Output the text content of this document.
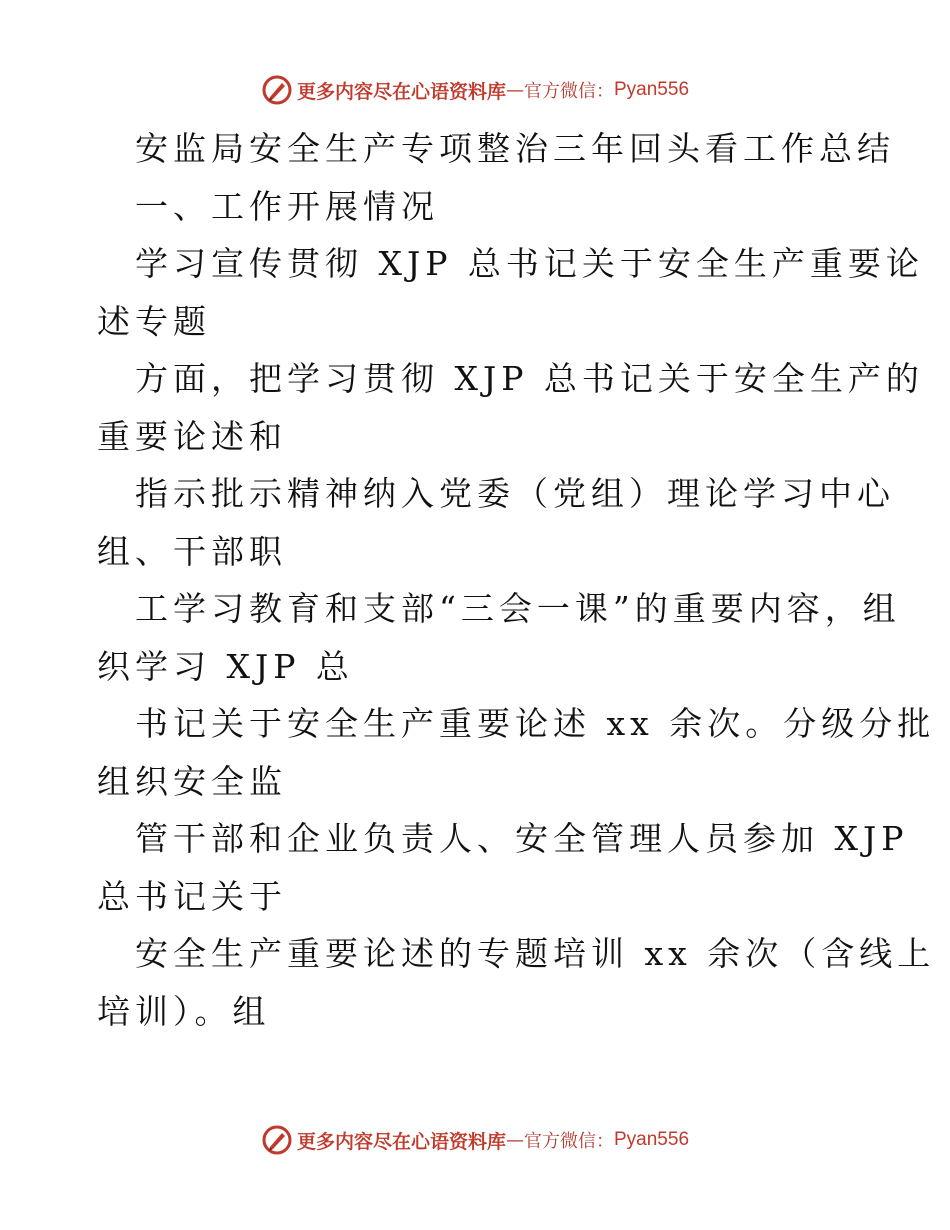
更多内容尽在心语资料库 — 官方微信： Pyan556
安监局安全生产专项整治三年回头看工作总结
一、工作开展情况
学习宣传贯彻 XJP 总书记关于安全生产重要论
述专题
方面，把学习贯彻 XJP 总书记关于安全生产的
重要论述和
指示批示精神纳入党委（党组）理论学习中心
组、干部职
工学习教育和支部“三会一课”的重要内容，组
织学习 XJP 总
书记关于安全生产重要论述 xx 余次。分级分批
组织安全监
管干部和企业负责人、安全管理人员参加 XJP
总书记关于
安全生产重要论述的专题培训 xx 余次（含线上
培训）。组
更多内容尽在心语资料库 — 官方微信： Pyan556
